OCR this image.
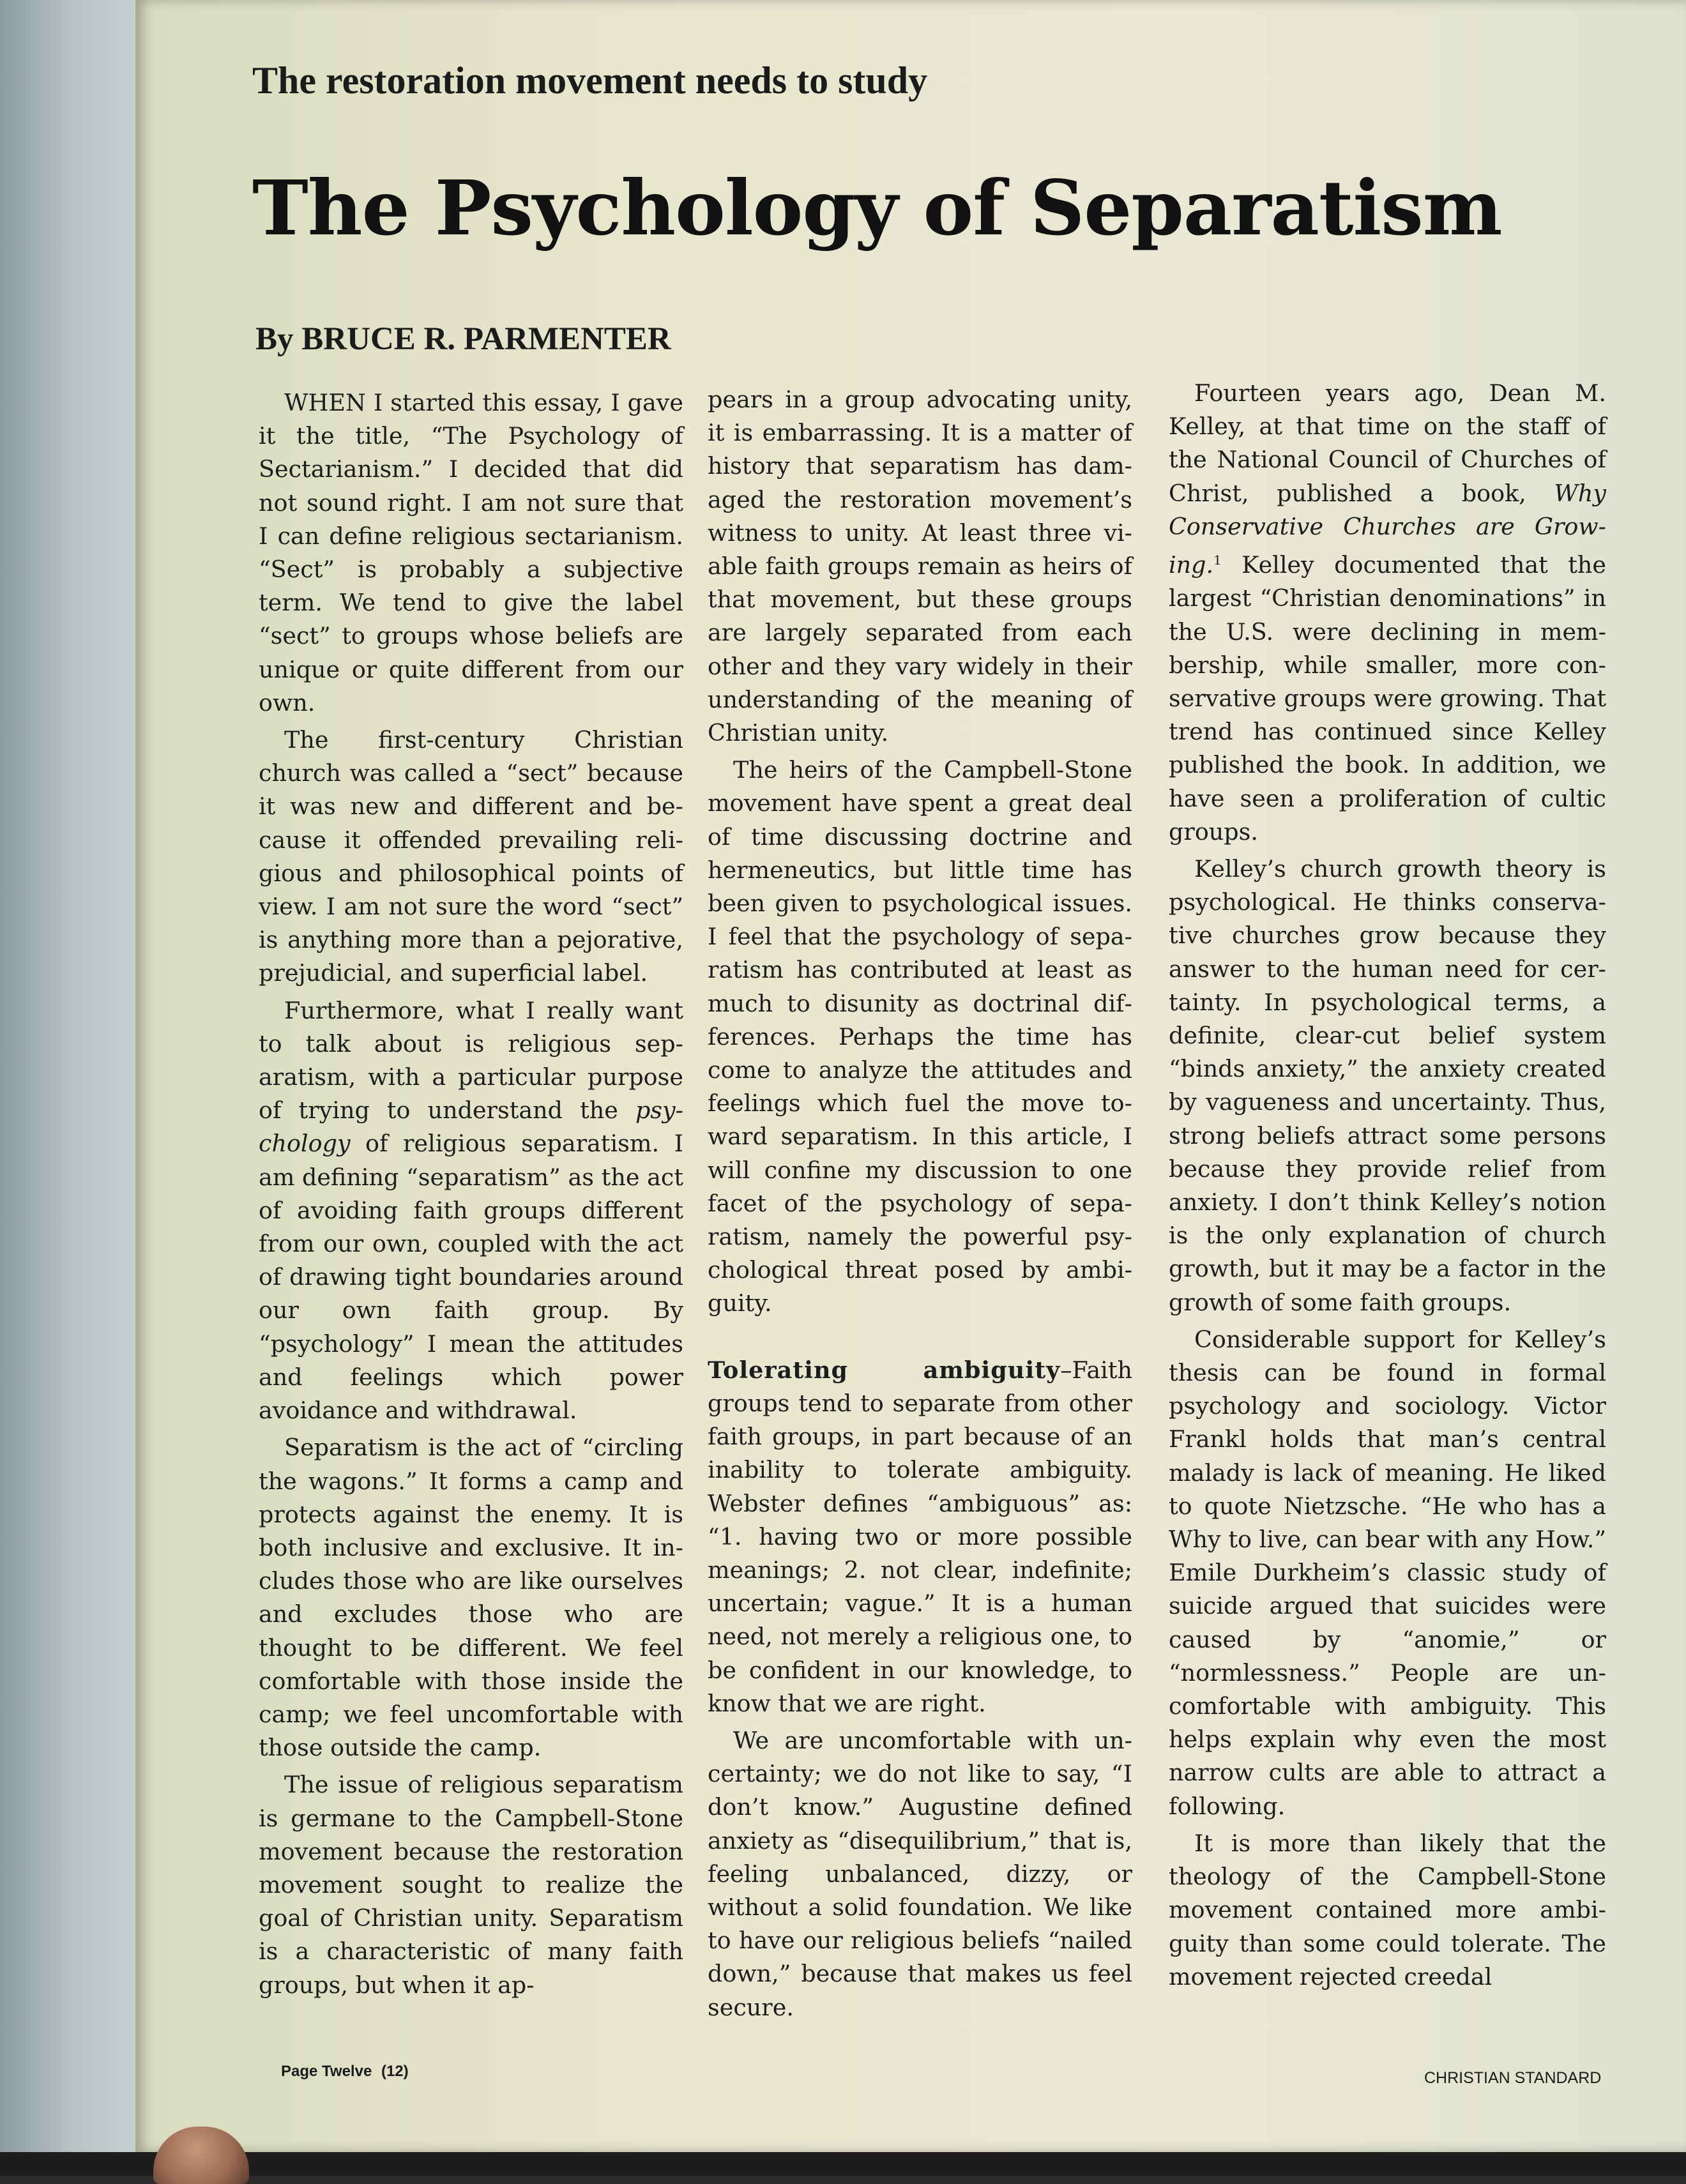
The restoration movement needs to study
The Psychology of Separatism
By BRUCE R. PARMENTER

WHEN I started this essay, I gave it the title, “The Psychology of Sectarianism.” I decided that did not sound right. I am not sure that I can define religious sectarianism. “Sect” is probably a subjective term. We tend to give the label “sect” to groups whose beliefs are unique or quite different from our own.

The first-century Christian church was called a “sect” because it was new and different and because it offended prevailing religious and philosophical points of view. I am not sure the word “sect” is anything more than a pejorative, prejudicial, and superficial label.

Furthermore, what I really want to talk about is religious separatism, with a particular purpose of trying to understand the psychology of religious separatism. I am defining “separatism” as the act of avoiding faith groups different from our own, coupled with the act of drawing tight boundaries around our own faith group. By “psychology” I mean the attitudes and feelings which power avoidance and withdrawal.

Separatism is the act of “circling the wagons.” It forms a camp and protects against the enemy. It is both inclusive and exclusive. It includes those who are like ourselves and excludes those who are thought to be different. We feel comfortable with those inside the camp; we feel uncomfortable with those outside the camp.

The issue of religious separatism is germane to the Campbell-Stone movement because the restoration movement sought to realize the goal of Christian unity. Separatism is a characteristic of many faith groups, but when it ap-

pears in a group advocating unity, it is embarrassing. It is a matter of history that separatism has damaged the restoration movement’s witness to unity. At least three viable faith groups remain as heirs of that movement, but these groups are largely separated from each other and they vary widely in their understanding of the meaning of Christian unity.

The heirs of the Campbell-Stone movement have spent a great deal of time discussing doctrine and hermeneutics, but little time has been given to psychological issues. I feel that the psychology of separatism has contributed at least as much to disunity as doctrinal differences. Perhaps the time has come to analyze the attitudes and feelings which fuel the move toward separatism. In this article, I will confine my discussion to one facet of the psychology of separatism, namely the powerful psychological threat posed by ambiguity.

Tolerating ambiguity–Faith groups tend to separate from other faith groups, in part because of an inability to tolerate ambiguity. Webster defines “ambiguous” as: “1. having two or more possible meanings; 2. not clear, indefinite; uncertain; vague.” It is a human need, not merely a religious one, to be confident in our knowledge, to know that we are right.

We are uncomfortable with uncertainty; we do not like to say, “I don’t know.” Augustine defined anxiety as “disequilibrium,” that is, feeling unbalanced, dizzy, or without a solid foundation. We like to have our religious beliefs “nailed down,” because that makes us feel secure.

Fourteen years ago, Dean M. Kelley, at that time on the staff of the National Council of Churches of Christ, published a book, Why Conservative Churches are Growing.$^1$ Kelley documented that the largest “Christian denominations” in the U.S. were declining in membership, while smaller, more conservative groups were growing. That trend has continued since Kelley published the book. In addition, we have seen a proliferation of cultic groups.

Kelley’s church growth theory is psychological. He thinks conservative churches grow because they answer to the human need for certainty. In psychological terms, a definite, clear-cut belief system “binds anxiety,” the anxiety created by vagueness and uncertainty. Thus, strong beliefs attract some persons because they provide relief from anxiety. I don’t think Kelley’s notion is the only explanation of church growth, but it may be a factor in the growth of some faith groups.

Considerable support for Kelley’s thesis can be found in formal psychology and sociology. Victor Frankl holds that man’s central malady is lack of meaning. He liked to quote Nietzsche. “He who has a Why to live, can bear with any How.” Emile Durkheim’s classic study of suicide argued that suicides were caused by “anomie,” or “normlessness.” People are uncomfortable with ambiguity. This helps explain why even the most narrow cults are able to attract a following.

It is more than likely that the theology of the Campbell-Stone movement contained more ambiguity than some could tolerate. The movement rejected creedal

Page Twelve (12)	CHRISTIAN STANDARD
